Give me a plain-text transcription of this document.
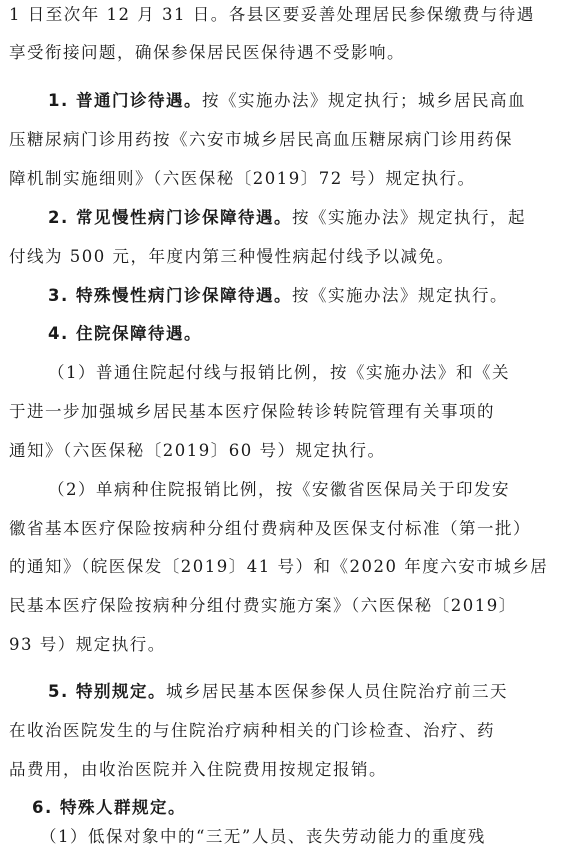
1 日至次年 12 月 31 日。各县区要妥善处理居民参保缴费与待遇
享受衔接问题，确保参保居民医保待遇不受影响。
1. 普通门诊待遇。按《实施办法》规定执行；城乡居民高血
压糖尿病门诊用药按《六安市城乡居民高血压糖尿病门诊用药保
障机制实施细则》（六医保秘〔2019〕72 号）规定执行。
2. 常见慢性病门诊保障待遇。按《实施办法》规定执行，起
付线为 500 元，年度内第三种慢性病起付线予以减免。
3. 特殊慢性病门诊保障待遇。按《实施办法》规定执行。
4. 住院保障待遇。
（1）普通住院起付线与报销比例，按《实施办法》和《关
于进一步加强城乡居民基本医疗保险转诊转院管理有关事项的
通知》（六医保秘〔2019〕60 号）规定执行。
（2）单病种住院报销比例，按《安徽省医保局关于印发安
徽省基本医疗保险按病种分组付费病种及医保支付标准（第一批）
的通知》（皖医保发〔2019〕41 号）和《2020 年度六安市城乡居
民基本医疗保险按病种分组付费实施方案》（六医保秘〔2019〕
93 号）规定执行。
5. 特别规定。城乡居民基本医保参保人员住院治疗前三天
在收治医院发生的与住院治疗病种相关的门诊检查、治疗、药
品费用，由收治医院并入住院费用按规定报销。
6. 特殊人群规定。
（1）低保对象中的“三无”人员、丧失劳动能力的重度残
